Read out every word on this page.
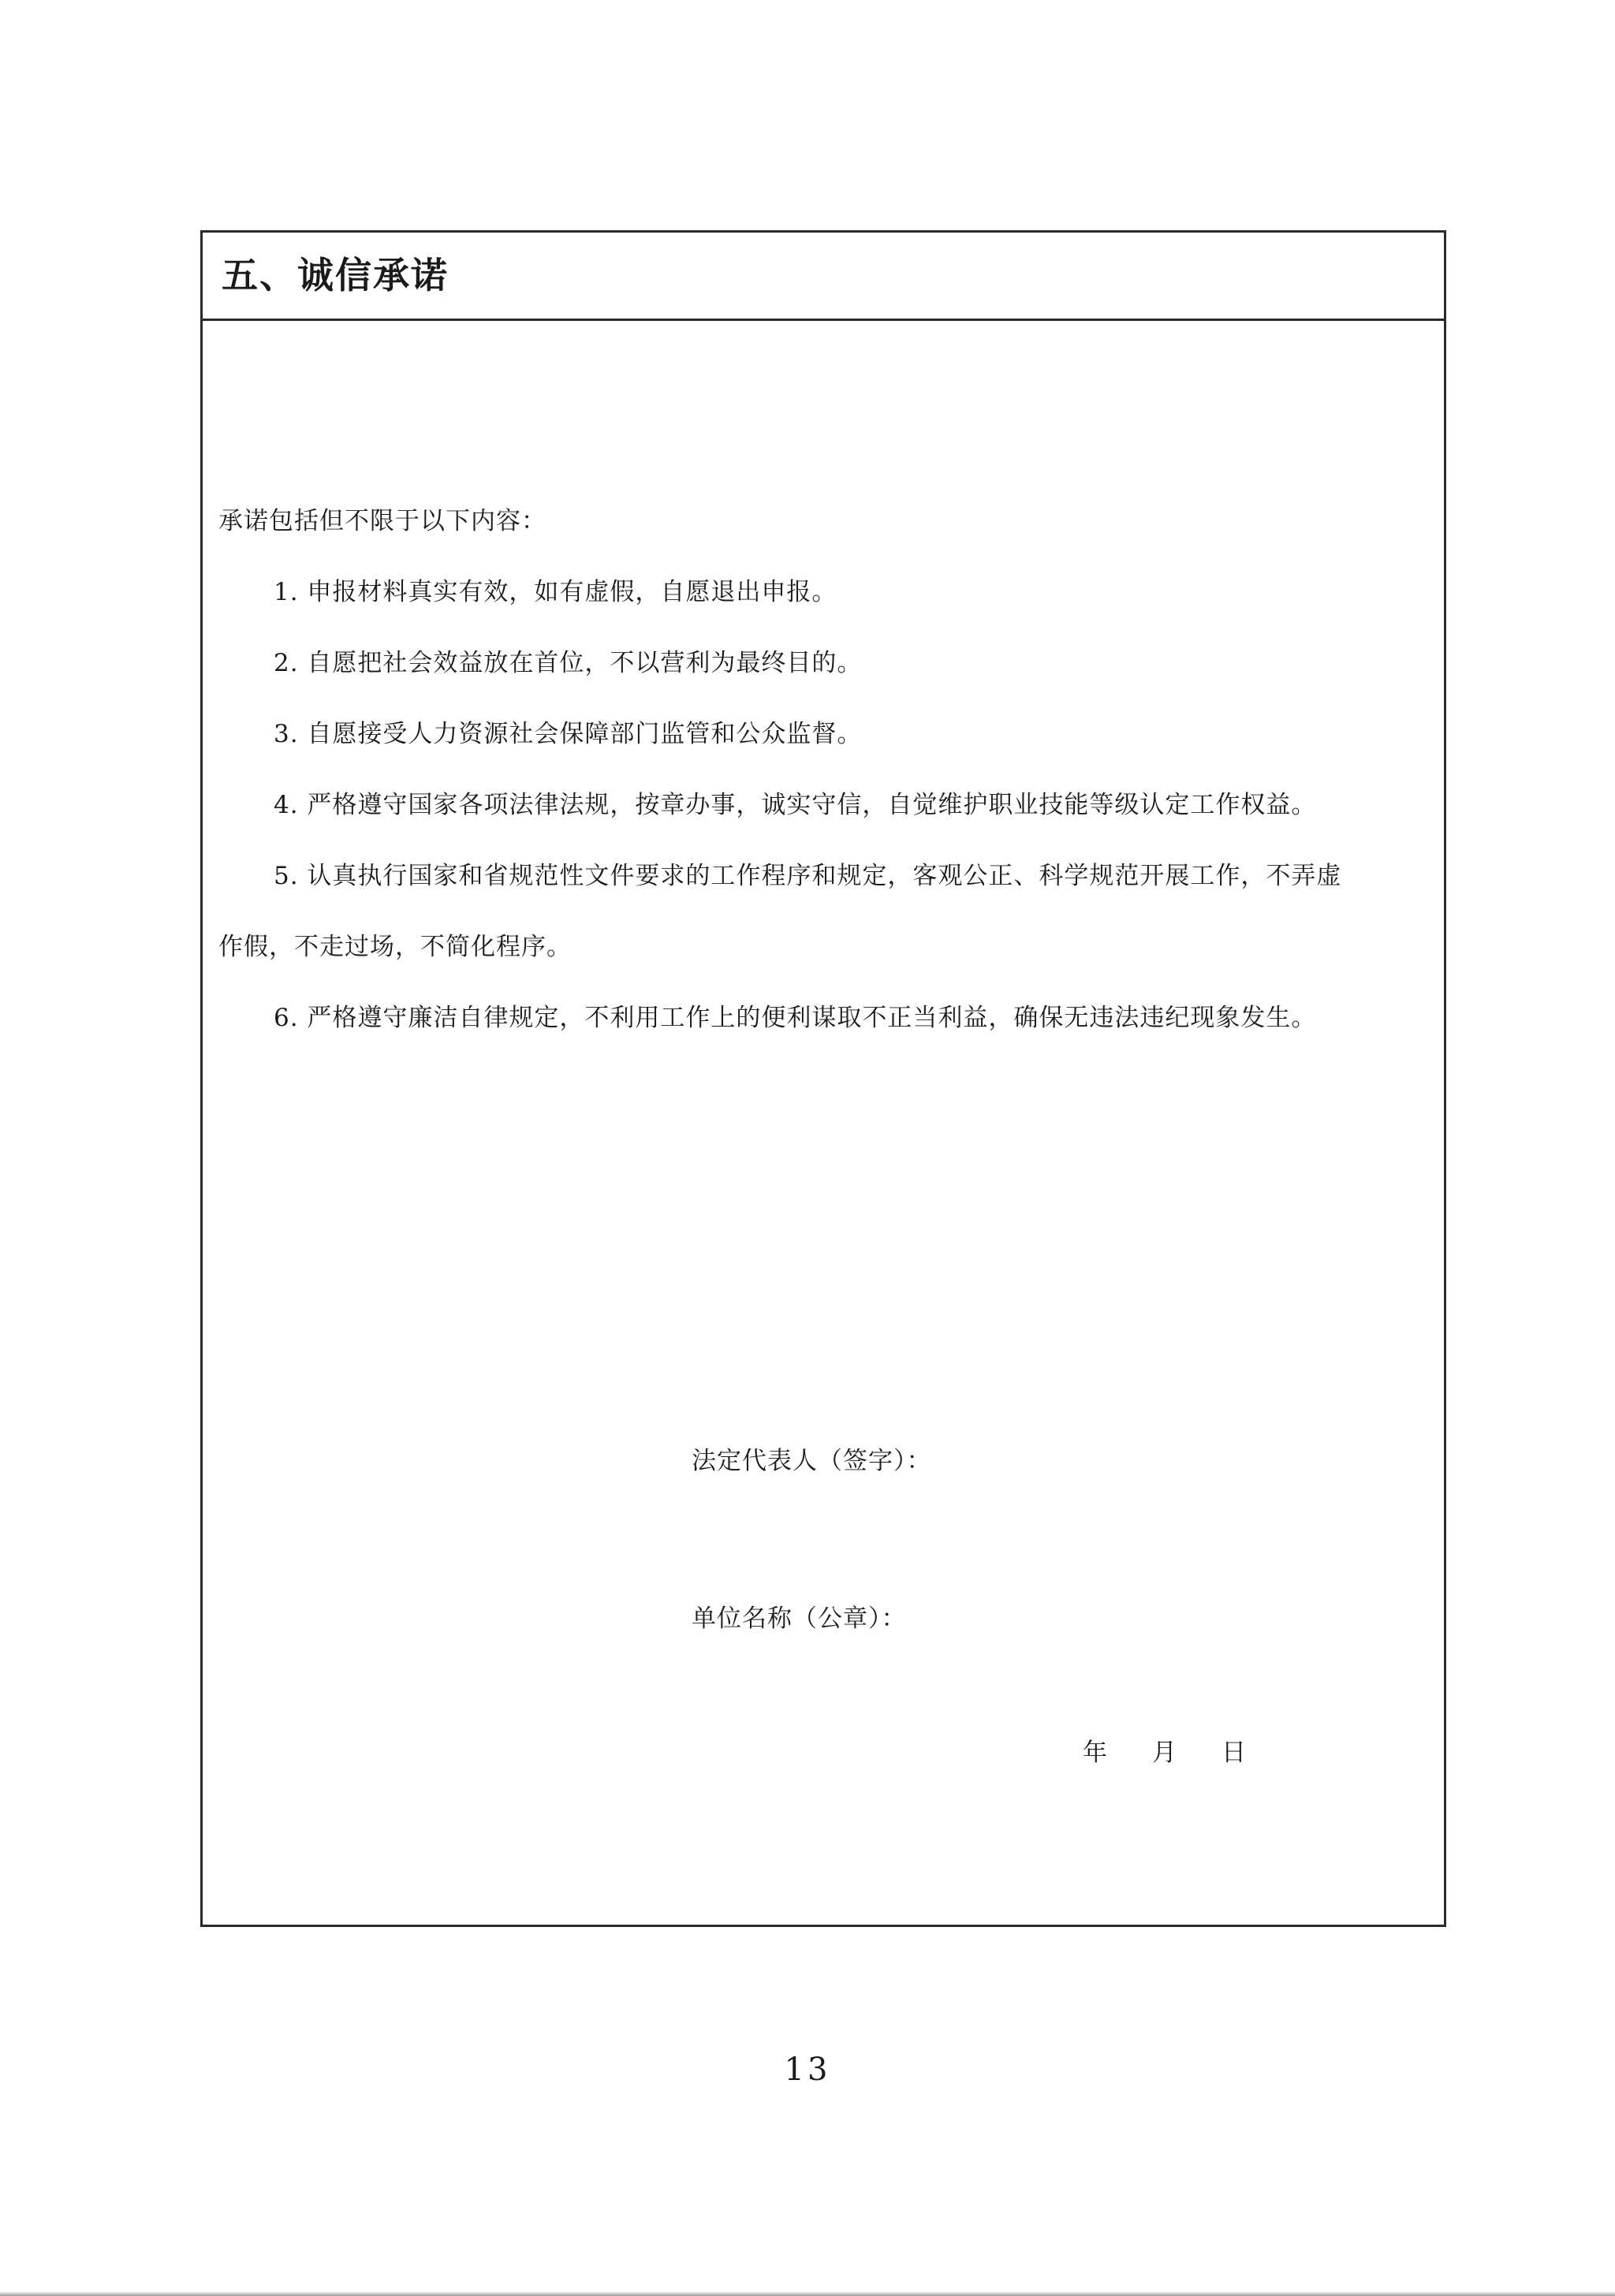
五、诚信承诺
承诺包括但不限于以下内容：
1. 申报材料真实有效，如有虚假，自愿退出申报。
2. 自愿把社会效益放在首位，不以营利为最终目的。
3. 自愿接受人力资源社会保障部门监管和公众监督。
4. 严格遵守国家各项法律法规，按章办事，诚实守信，自觉维护职业技能等级认定工作权益。
5. 认真执行国家和省规范性文件要求的工作程序和规定，客观公正、科学规范开展工作，不弄虚
作假，不走过场，不简化程序。
6. 严格遵守廉洁自律规定，不利用工作上的便利谋取不正当利益，确保无违法违纪现象发生。
法定代表人（签字）：
单位名称（公章）：
年 月 日
13
